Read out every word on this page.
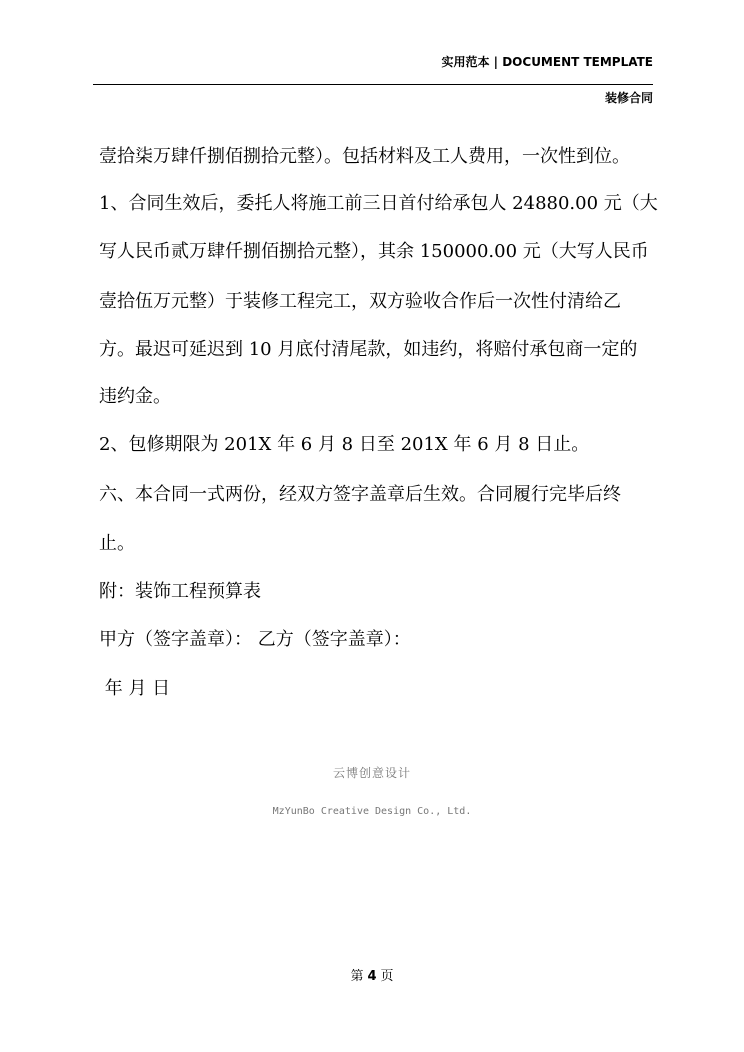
实用范本 | DOCUMENT TEMPLATE
装修合同
壹拾柒万肆仟捌佰捌拾元整）。包括材料及工人费用，一次性到位。
1、合同生效后，委托人将施工前三日首付给承包人 24880.00 元（大
写人民币贰万肆仟捌佰捌拾元整），其余 150000.00 元（大写人民币
壹拾伍万元整）于装修工程完工，双方验收合作后一次性付清给乙
方。最迟可延迟到 10 月底付清尾款，如违约，将赔付承包商一定的
违约金。
2、包修期限为 201X 年 6 月 8 日至 201X 年 6 月 8 日止。
六、本合同一式两份，经双方签字盖章后生效。合同履行完毕后终
止。
附：装饰工程预算表
甲方（签字盖章）： 乙方（签字盖章）：
年 月 日
云博创意设计
MzYunBo Creative Design Co., Ltd.
第 4 页
